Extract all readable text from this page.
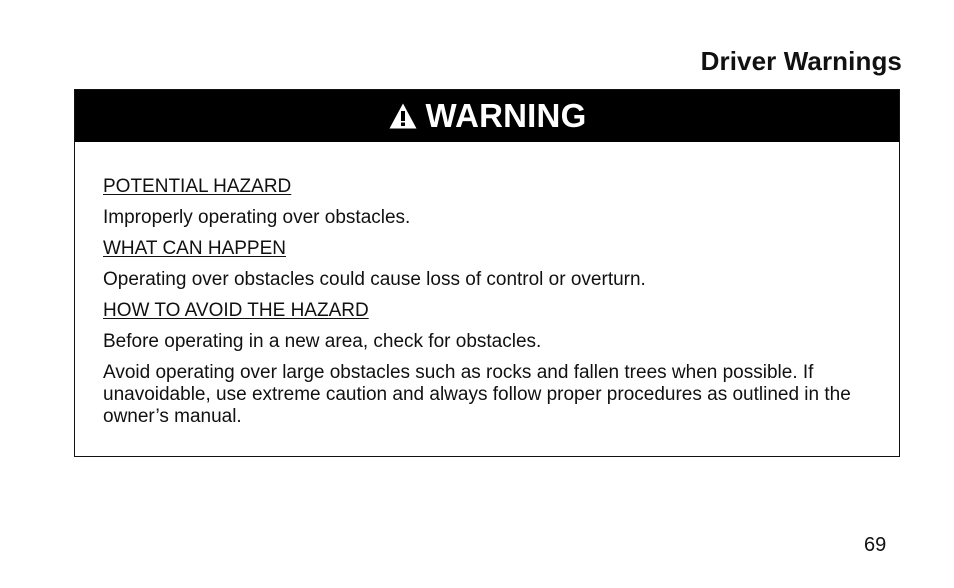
Driver Warnings
WARNING

POTENTIAL HAZARD

Improperly operating over obstacles.

WHAT CAN HAPPEN

Operating over obstacles could cause loss of control or overturn.

HOW TO AVOID THE HAZARD

Before operating in a new area, check for obstacles.

Avoid operating over large obstacles such as rocks and fallen trees when possible. If unavoidable, use extreme caution and always follow proper procedures as outlined in the owner’s manual.

69
